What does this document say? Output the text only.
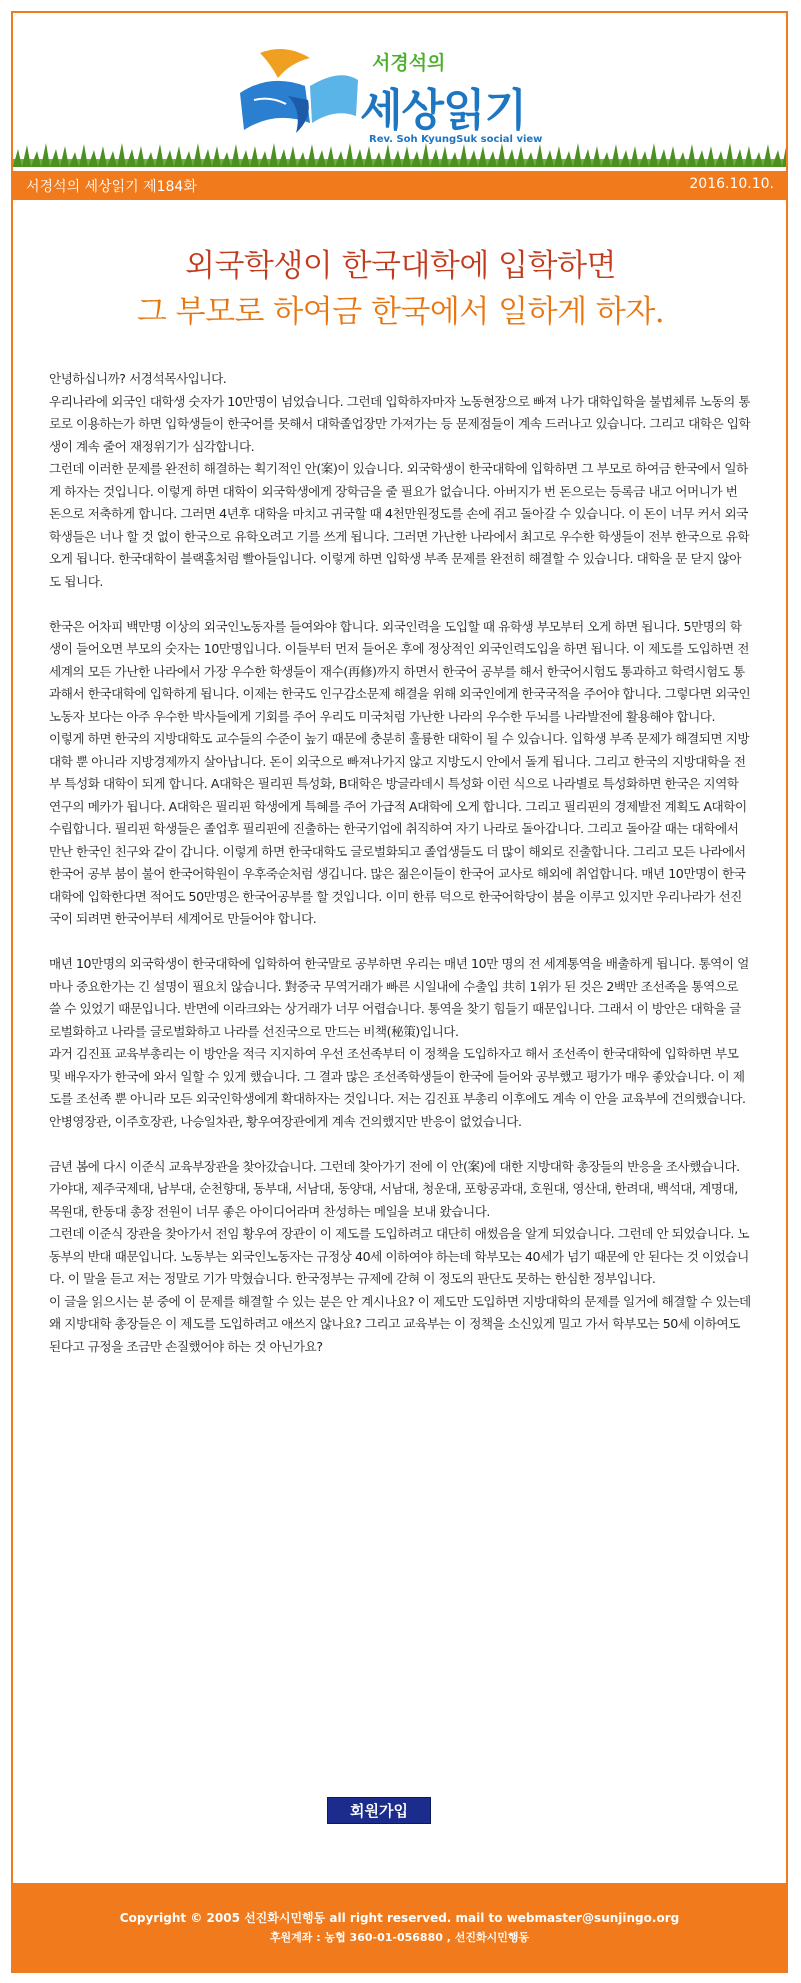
서경석의
세상읽기
Rev. Soh KyungSuk social view
서경석의 세상읽기 제184화	2016.10.10.
외국학생이 한국대학에 입학하면
그 부모로 하여금 한국에서 일하게 하자.

안녕하십니까? 서경석목사입니다.

우리나라에 외국인 대학생 숫자가 10만명이 넘었습니다. 그런데 입학하자마자 노동현장으로 빠져 나가 대학입학을 불법체류 노동의 통로로 이용하는가 하면 입학생들이 한국어를 못해서 대학졸업장만 가져가는 등 문제점들이 계속 드러나고 있습니다. 그리고 대학은 입학생이 계속 줄어 재정위기가 심각합니다.

그런데 이러한 문제를 완전히 해결하는 획기적인 안(案)이 있습니다. 외국학생이 한국대학에 입학하면 그 부모로 하여금 한국에서 일하게 하자는 것입니다. 이렇게 하면 대학이 외국학생에게 장학금을 줄 필요가 없습니다. 아버지가 번 돈으로는 등록금 내고 어머니가 번 돈으로 저축하게 합니다. 그러면 4년후 대학을 마치고 귀국할 때 4천만원정도를 손에 쥐고 돌아갈 수 있습니다. 이 돈이 너무 커서 외국학생들은 너나 할 것 없이 한국으로 유학오려고 기를 쓰게 됩니다. 그러면 가난한 나라에서 최고로 우수한 학생들이 전부 한국으로 유학오게 됩니다. 한국대학이 블랙홀처럼 빨아들입니다. 이렇게 하면 입학생 부족 문제를 완전히 해결할 수 있습니다. 대학을 문 닫지 않아도 됩니다.

한국은 어차피 백만명 이상의 외국인노동자를 들여와야 합니다. 외국인력을 도입할 때 유학생 부모부터 오게 하면 됩니다. 5만명의 학생이 들어오면 부모의 숫자는 10만명입니다. 이들부터 먼저 들어온 후에 정상적인 외국인력도입을 하면 됩니다. 이 제도를 도입하면 전 세계의 모든 가난한 나라에서 가장 우수한 학생들이 재수(再修)까지 하면서 한국어 공부를 해서 한국어시험도 통과하고 학력시험도 통과해서 한국대학에 입학하게 됩니다. 이제는 한국도 인구감소문제 해결을 위해 외국인에게 한국국적을 주어야 합니다. 그렇다면 외국인노동자 보다는 아주 우수한 박사들에게 기회를 주어 우리도 미국처럼 가난한 나라의 우수한 두뇌를 나라발전에 활용해야 합니다.

이렇게 하면 한국의 지방대학도 교수들의 수준이 높기 때문에 충분히 훌륭한 대학이 될 수 있습니다. 입학생 부족 문제가 해결되면 지방대학 뿐 아니라 지방경제까지 살아납니다. 돈이 외국으로 빠져나가지 않고 지방도시 안에서 돌게 됩니다. 그리고 한국의 지방대학을 전부 특성화 대학이 되게 합니다. A대학은 필리핀 특성화, B대학은 방글라데시 특성화 이런 식으로 나라별로 특성화하면 한국은 지역학 연구의 메카가 됩니다. A대학은 필리핀 학생에게 특혜를 주어 가급적 A대학에 오게 합니다. 그리고 필리핀의 경제발전 계획도 A대학이 수립합니다. 필리핀 학생들은 졸업후 필리핀에 진출하는 한국기업에 취직하여 자기 나라로 돌아갑니다. 그리고 돌아갈 때는 대학에서 만난 한국인 친구와 같이 갑니다. 이렇게 하면 한국대학도 글로벌화되고 졸업생들도 더 많이 해외로 진출합니다. 그리고 모든 나라에서 한국어 공부 붐이 불어 한국어학원이 우후죽순처럼 생깁니다. 많은 젊은이들이 한국어 교사로 해외에 취업합니다. 매년 10만명이 한국대학에 입학한다면 적어도 50만명은 한국어공부를 할 것입니다. 이미 한류 덕으로 한국어학당이 붐을 이루고 있지만 우리나라가 선진국이 되려면 한국어부터 세계어로 만들어야 합니다.

매년 10만명의 외국학생이 한국대학에 입학하여 한국말로 공부하면 우리는 매년 10만 명의 전 세계통역을 배출하게 됩니다. 통역이 얼마나 중요한가는 긴 설명이 필요치 않습니다. 對중국 무역거래가 빠른 시일내에 수출입 共히 1위가 된 것은 2백만 조선족을 통역으로 쓸 수 있었기 때문입니다. 반면에 이라크와는 상거래가 너무 어렵습니다. 통역을 찾기 힘들기 때문입니다. 그래서 이 방안은 대학을 글로벌화하고 나라를 글로벌화하고 나라를 선진국으로 만드는 비책(秘策)입니다.

과거 김진표 교육부총리는 이 방안을 적극 지지하여 우선 조선족부터 이 정책을 도입하자고 해서 조선족이 한국대학에 입학하면 부모 및 배우자가 한국에 와서 일할 수 있게 했습니다. 그 결과 많은 조선족학생들이 한국에 들어와 공부했고 평가가 매우 좋았습니다. 이 제도를 조선족 뿐 아니라 모든 외국인학생에게 확대하자는 것입니다. 저는 김진표 부총리 이후에도 계속 이 안을 교육부에 건의했습니다. 안병영장관, 이주호장관, 나승일차관, 황우여장관에게 계속 건의했지만 반응이 없었습니다.

금년 봄에 다시 이준식 교육부장관을 찾아갔습니다. 그런데 찾아가기 전에 이 안(案)에 대한 지방대학 총장들의 반응을 조사했습니다. 가야대, 제주국제대, 남부대, 순천향대, 동부대, 서남대, 동양대, 서남대, 청운대, 포항공과대, 호원대, 영산대, 한려대, 백석대, 계명대, 목원대, 한동대 총장 전원이 너무 좋은 아이디어라며 찬성하는 메일을 보내 왔습니다.

그런데 이준식 장관을 찾아가서 전임 황우여 장관이 이 제도를 도입하려고 대단히 애썼음을 알게 되었습니다. 그런데 안 되었습니다. 노동부의 반대 때문입니다. 노동부는 외국인노동자는 규정상 40세 이하여야 하는데 학부모는 40세가 넘기 때문에 안 된다는 것 이었습니다. 이 말을 듣고 저는 정말로 기가 막혔습니다. 한국정부는 규제에 갇혀 이 정도의 판단도 못하는 한심한 정부입니다.

이 글을 읽으시는 분 중에 이 문제를 해결할 수 있는 분은 안 계시나요? 이 제도만 도입하면 지방대학의 문제를 일거에 해결할 수 있는데 왜 지방대학 총장들은 이 제도를 도입하려고 애쓰지 않나요? 그리고 교육부는 이 정책을 소신있게 밀고 가서 학부모는 50세 이하여도 된다고 규정을 조금만 손질했어야 하는 것 아닌가요?

회원가입
Copyright © 2005 선진화시민행동 all right reserved. mail to webmaster@sunjingo.org
후원계좌 : 농협 360-01-056880 , 선진화시민행동
